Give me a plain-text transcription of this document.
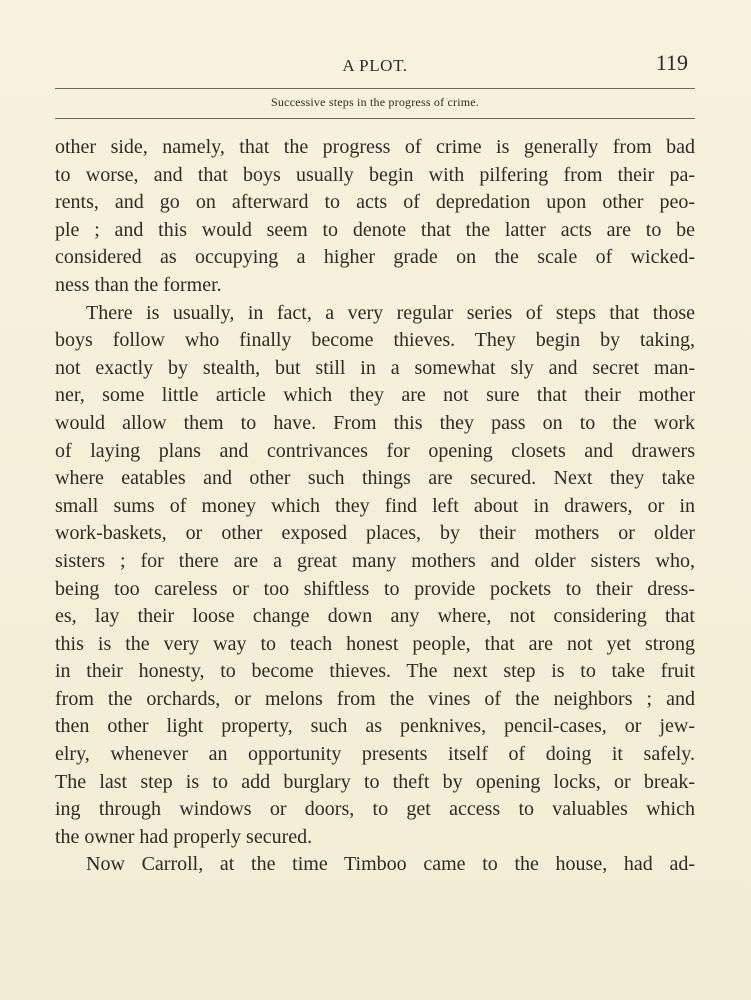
A PLOT.	119
Successive steps in the progress of crime.
other side, namely, that the progress of crime is generally from bad
to worse, and that boys usually begin with pilfering from their pa-
rents, and go on afterward to acts of depredation upon other peo-
ple ; and this would seem to denote that the latter acts are to be
considered as occupying a higher grade on the scale of wicked-
ness than the former.
There is usually, in fact, a very regular series of steps that those
boys follow who finally become thieves. They begin by taking,
not exactly by stealth, but still in a somewhat sly and secret man-
ner, some little article which they are not sure that their mother
would allow them to have. From this they pass on to the work
of laying plans and contrivances for opening closets and drawers
where eatables and other such things are secured. Next they take
small sums of money which they find left about in drawers, or in
work-baskets, or other exposed places, by their mothers or older
sisters ; for there are a great many mothers and older sisters who,
being too careless or too shiftless to provide pockets to their dress-
es, lay their loose change down any where, not considering that
this is the very way to teach honest people, that are not yet strong
in their honesty, to become thieves. The next step is to take fruit
from the orchards, or melons from the vines of the neighbors ; and
then other light property, such as penknives, pencil-cases, or jew-
elry, whenever an opportunity presents itself of doing it safely.
The last step is to add burglary to theft by opening locks, or break-
ing through windows or doors, to get access to valuables which
the owner had properly secured.
Now Carroll, at the time Timboo came to the house, had ad-
